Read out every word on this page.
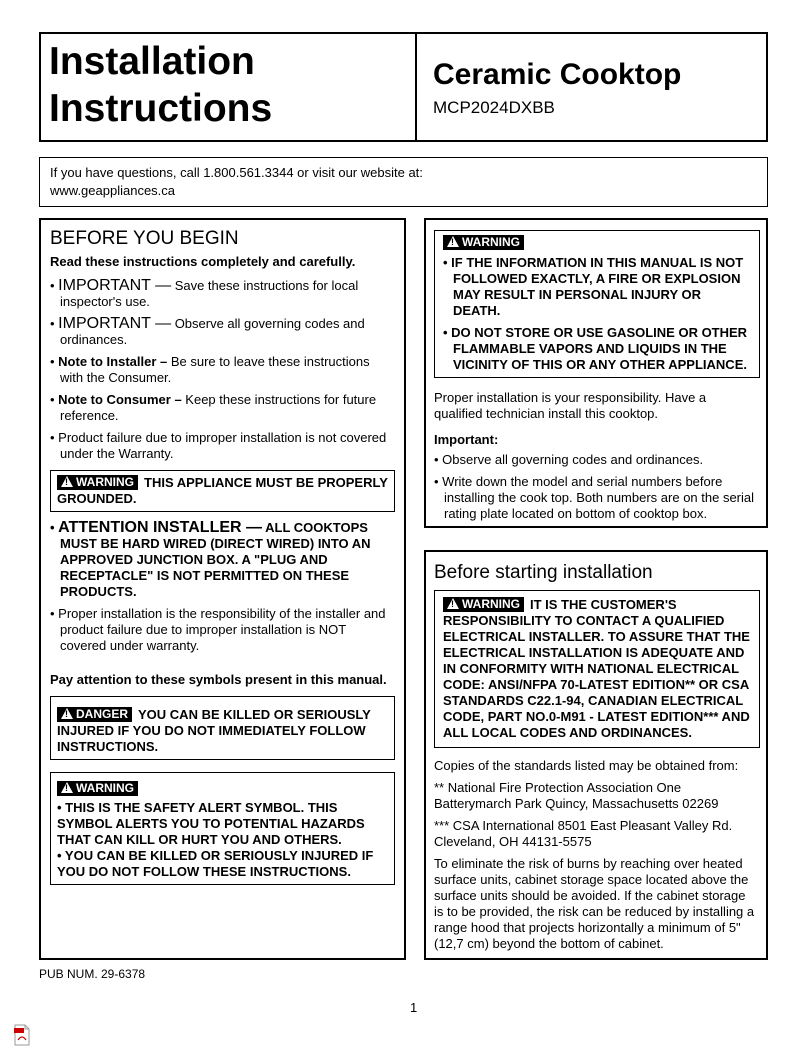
Installation
Instructions
Ceramic Cooktop
MCP2024DXBB
If you have questions, call 1.800.561.3344 or visit our website at:
www.geappliances.ca
BEFORE YOU BEGIN
Read these instructions completely and carefully.
• IMPORTANT — Save these instructions for local inspector's use.
• IMPORTANT — Observe all governing codes and ordinances.
• Note to Installer – Be sure to leave these instructions with the Consumer.
• Note to Consumer – Keep these instructions for future reference.
• Product failure due to improper installation is not covered under the Warranty.
!WARNING THIS APPLIANCE MUST BE PROPERLY GROUNDED.
• ATTENTION INSTALLER — ALL COOKTOPS MUST BE HARD WIRED (DIRECT WIRED) INTO AN APPROVED JUNCTION BOX. A "PLUG AND RECEPTACLE" IS NOT PERMITTED ON THESE PRODUCTS.
• Proper installation is the responsibility of the installer and product failure due to improper installation is NOT covered under warranty.
Pay attention to these symbols present in this manual.
!DANGER YOU CAN BE KILLED OR SERIOUSLY INJURED IF YOU DO NOT IMMEDIATELY FOLLOW INSTRUCTIONS.
!WARNING
• THIS IS THE SAFETY ALERT SYMBOL. THIS SYMBOL ALERTS YOU TO POTENTIAL HAZARDS THAT CAN KILL OR HURT YOU AND OTHERS.
• YOU CAN BE KILLED OR SERIOUSLY INJURED IF YOU DO NOT FOLLOW THESE INSTRUCTIONS.
!WARNING
• IF THE INFORMATION IN THIS MANUAL IS NOT FOLLOWED EXACTLY, A FIRE OR EXPLOSION MAY RESULT IN PERSONAL INJURY OR DEATH.
• DO NOT STORE OR USE GASOLINE OR OTHER FLAMMABLE VAPORS AND LIQUIDS IN THE VICINITY OF THIS OR ANY OTHER APPLIANCE.
Proper installation is your responsibility. Have a qualified technician install this cooktop.
Important:
• Observe all governing codes and ordinances.
• Write down the model and serial numbers before installing the cook top. Both numbers are on the serial rating plate located on bottom of cooktop box.
Before starting installation
!WARNING IT IS THE CUSTOMER'S RESPONSIBILITY TO CONTACT A QUALIFIED ELECTRICAL INSTALLER. TO ASSURE THAT THE ELECTRICAL INSTALLATION IS ADEQUATE AND IN CONFORMITY WITH NATIONAL ELECTRICAL CODE: ANSI/NFPA 70-LATEST EDITION** OR CSA STANDARDS C22.1-94, CANADIAN ELECTRICAL CODE, PART NO.0-M91 - LATEST EDITION*** AND ALL LOCAL CODES AND ORDINANCES.
Copies of the standards listed may be obtained from:
** National Fire Protection Association One Batterymarch Park Quincy, Massachusetts 02269
*** CSA International 8501 East Pleasant Valley Rd. Cleveland, OH 44131-5575
To eliminate the risk of burns by reaching over heated surface units, cabinet storage space located above the surface units should be avoided. If the cabinet storage is to be provided, the risk can be reduced by installing a range hood that projects horizontally a minimum of 5" (12,7 cm) beyond the bottom of cabinet.
PUB NUM. 29-6378
1
